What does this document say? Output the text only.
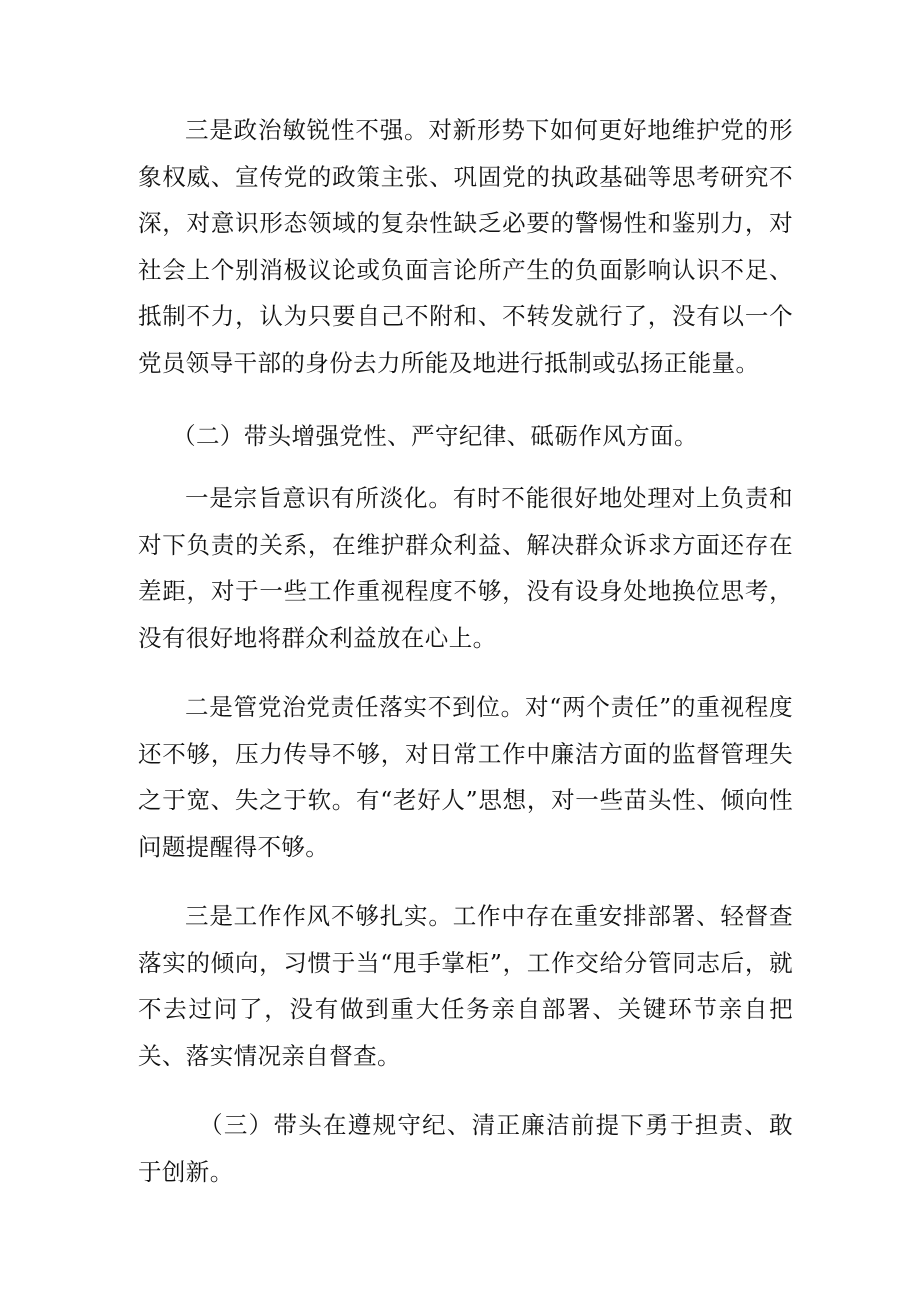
三是政治敏锐性不强。对新形势下如何更好地维护党的形象权威、宣传党的政策主张、巩固党的执政基础等思考研究不深，对意识形态领域的复杂性缺乏必要的警惕性和鉴别力，对社会上个别消极议论或负面言论所产生的负面影响认识不足、抵制不力，认为只要自己不附和、不转发就行了，没有以一个党员领导干部的身份去力所能及地进行抵制或弘扬正能量。

（二）带头增强党性、严守纪律、砥砺作风方面。

一是宗旨意识有所淡化。有时不能很好地处理对上负责和对下负责的关系，在维护群众利益、解决群众诉求方面还存在差距，对于一些工作重视程度不够，没有设身处地换位思考，没有很好地将群众利益放在心上。

二是管党治党责任落实不到位。对“两个责任”的重视程度还不够，压力传导不够，对日常工作中廉洁方面的监督管理失之于宽、失之于软。有“老好人”思想，对一些苗头性、倾向性问题提醒得不够。

三是工作作风不够扎实。工作中存在重安排部署、轻督查落实的倾向，习惯于当“甩手掌柜”，工作交给分管同志后，就不去过问了，没有做到重大任务亲自部署、关键环节亲自把关、落实情况亲自督查。

（三）带头在遵规守纪、清正廉洁前提下勇于担责、敢于创新。
